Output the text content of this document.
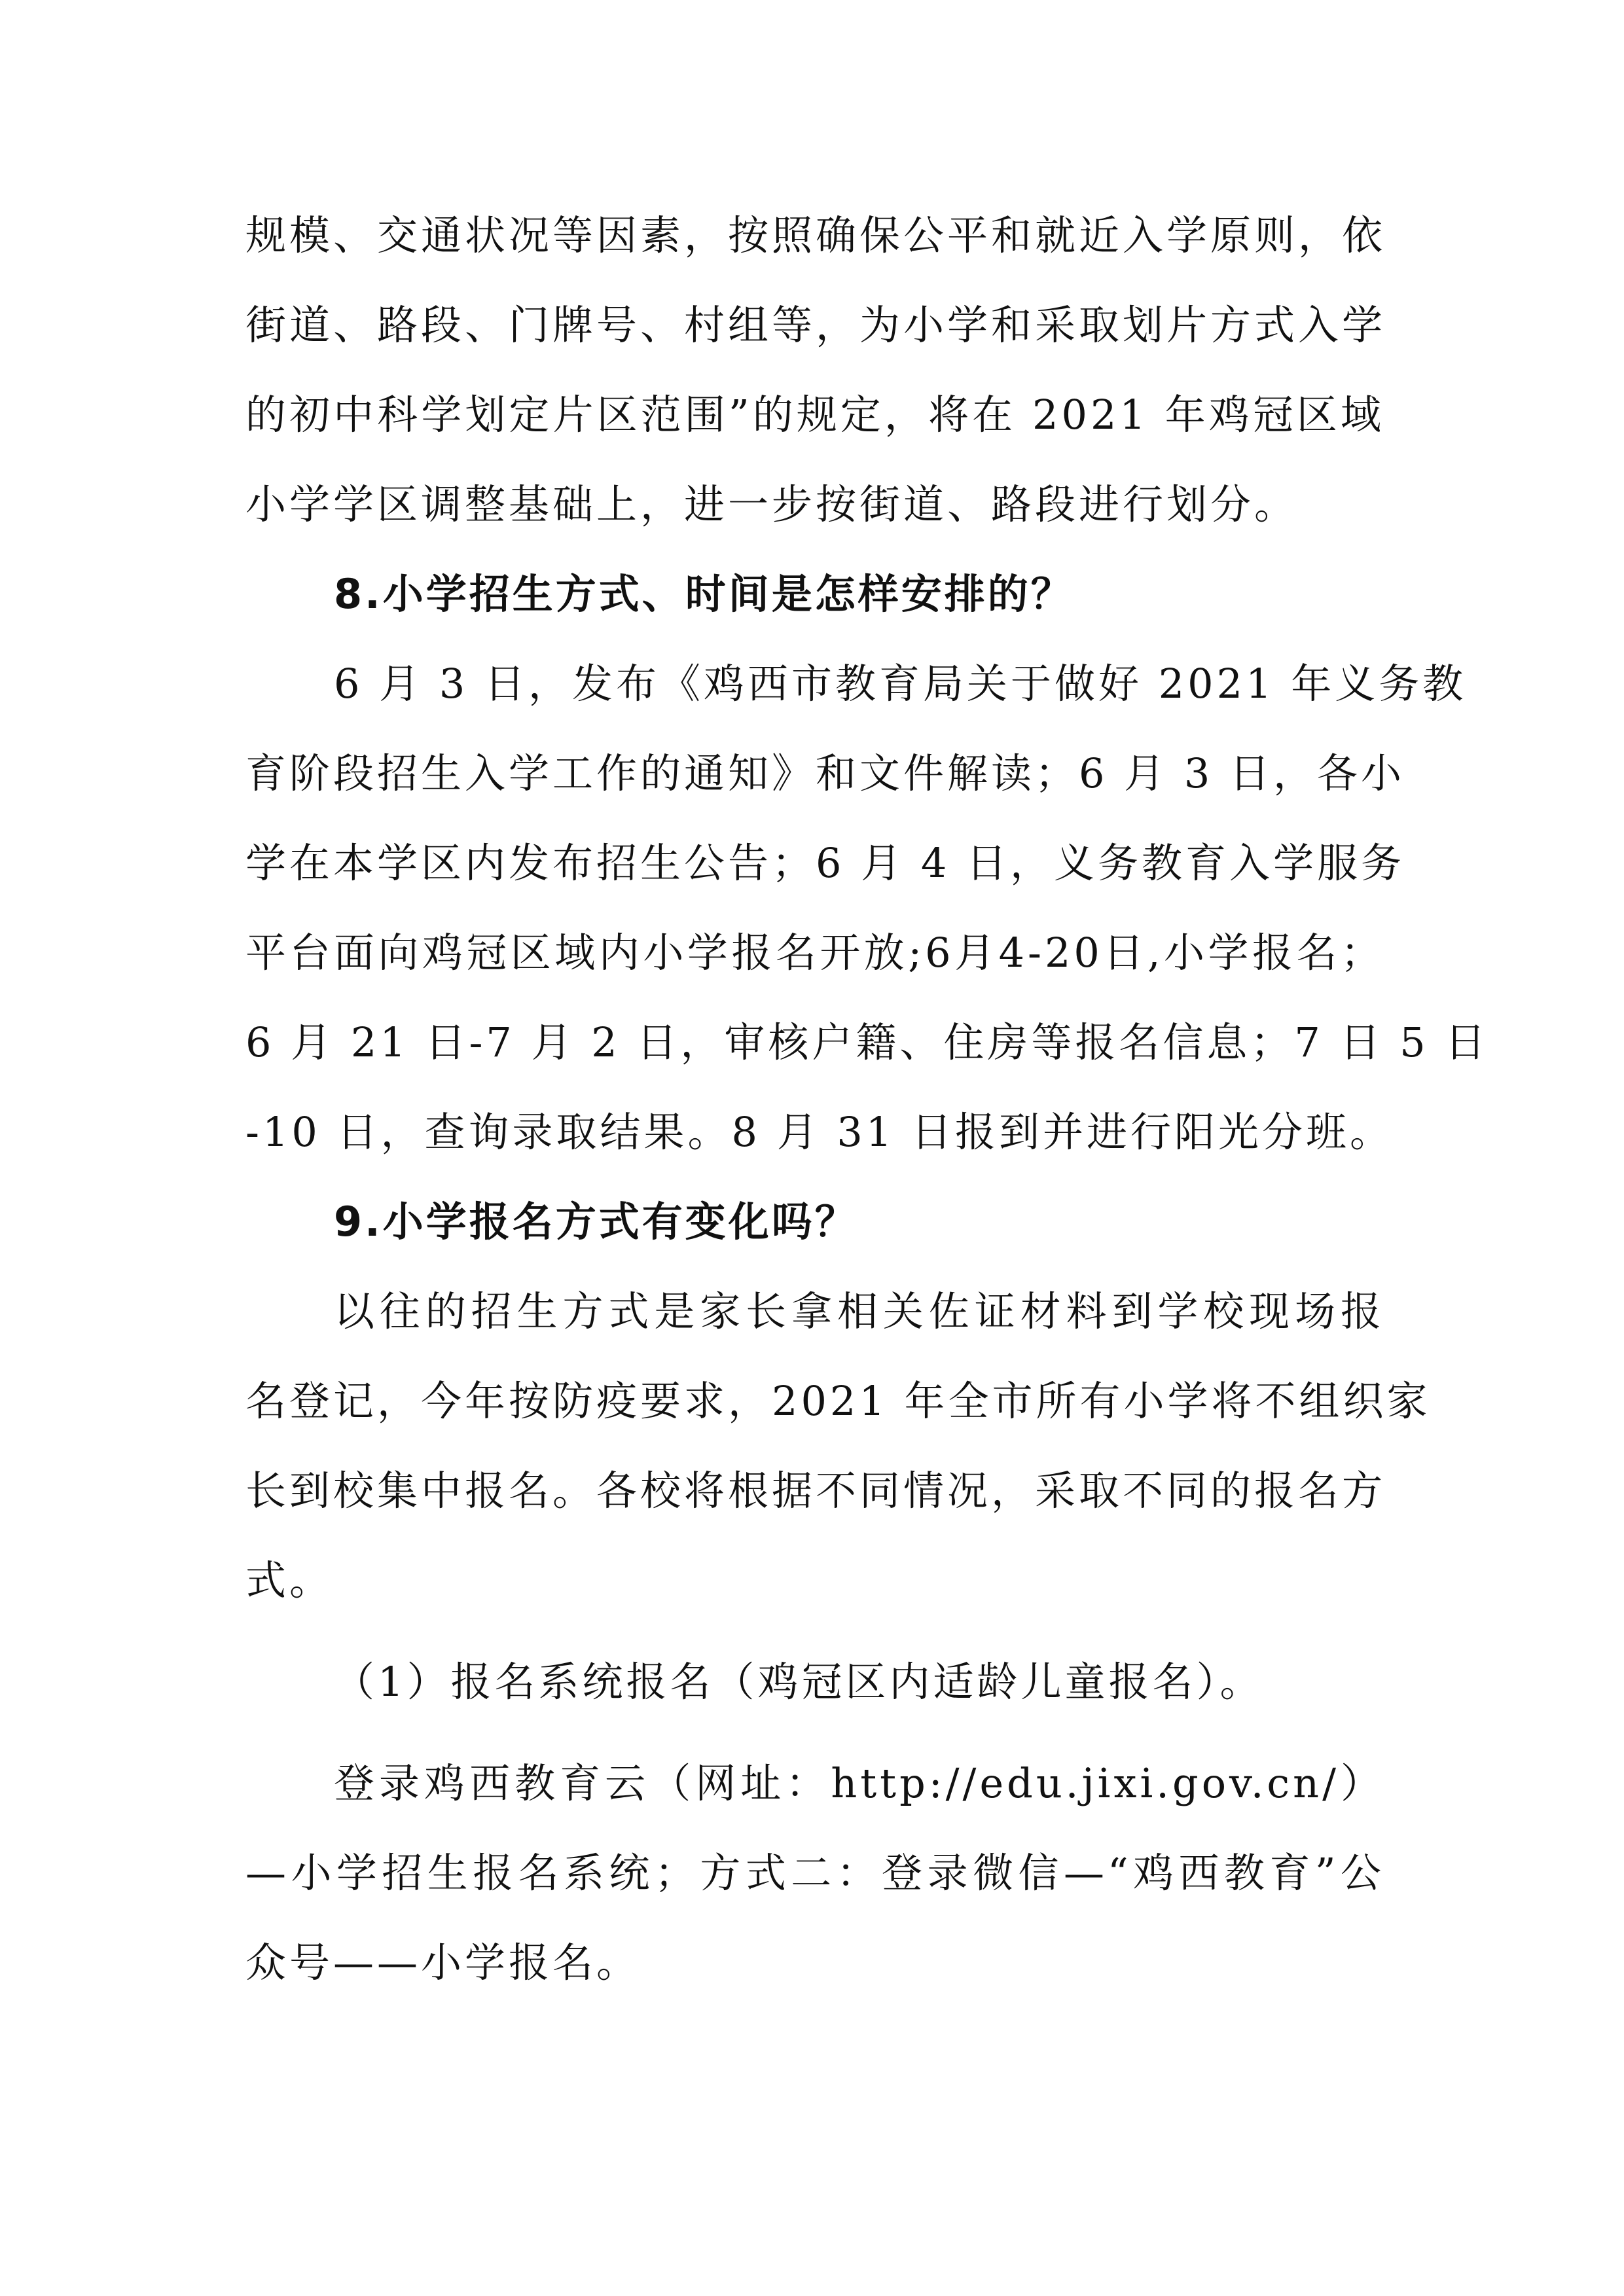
规模、交通状况等因素，按照确保公平和就近入学原则，依
街道、路段、门牌号、村组等，为小学和采取划片方式入学
的初中科学划定片区范围”的规定，将在 2021 年鸡冠区域
小学学区调整基础上，进一步按街道、路段进行划分。
8.小学招生方式、时间是怎样安排的？
6 月 3 日，发布《鸡西市教育局关于做好 2021 年义务教
育阶段招生入学工作的通知》和文件解读；6 月 3 日，各小
学在本学区内发布招生公告；6 月 4 日，义务教育入学服务
平台面向鸡冠区域内小学报名开放;6月4-20日,小学报名；
6 月 21 日-7 月 2 日，审核户籍、住房等报名信息；7 日 5 日
-10 日，查询录取结果。8 月 31 日报到并进行阳光分班。
9.小学报名方式有变化吗？
以往的招生方式是家长拿相关佐证材料到学校现场报
名登记，今年按防疫要求，2021 年全市所有小学将不组织家
长到校集中报名。各校将根据不同情况，采取不同的报名方
式。
（1）报名系统报名（鸡冠区内适龄儿童报名）。
登录鸡西教育云（网址：http://edu.jixi.gov.cn/）
—小学招生报名系统；方式二：登录微信—“鸡西教育”公
众号——小学报名。
